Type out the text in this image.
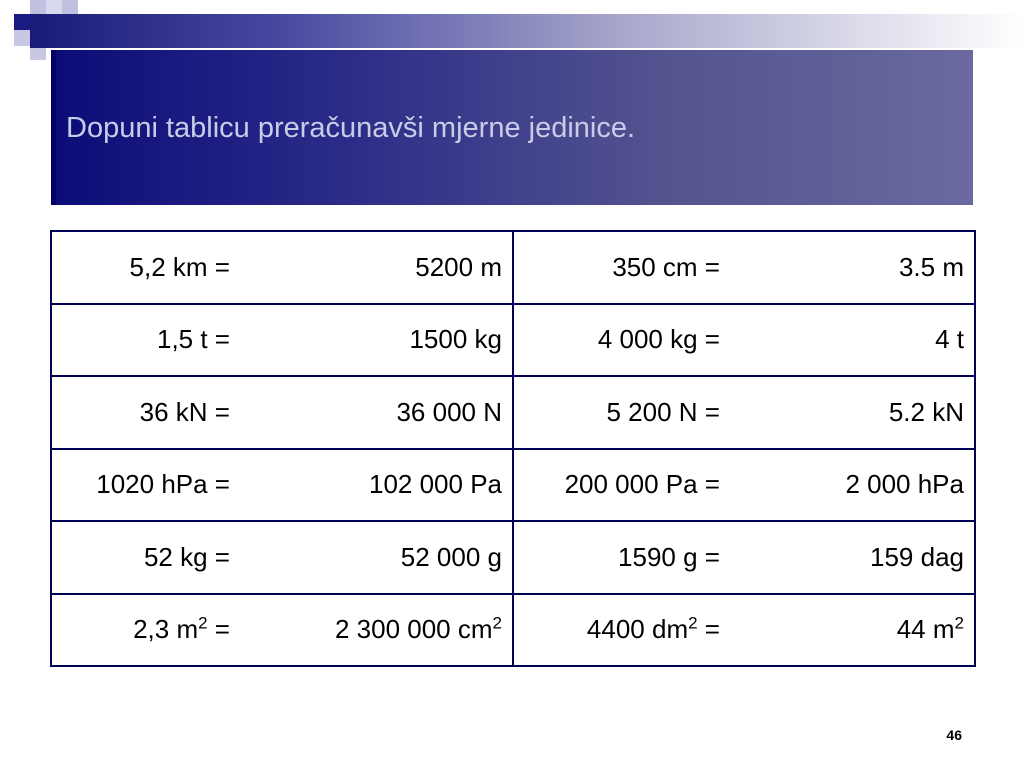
Dopuni tablicu preračunavši mjerne jedinice.
5,2 km =	5200 m	350 cm =	3.5 m
1,5 t =	1500 kg	4 000 kg =	4 t
36 kN =	36 000 N	5 200 N =	5.2 kN
1020 hPa =	102 000 Pa	200 000 Pa =	2 000 hPa
52 kg =	52 000 g	1590 g =	159 dag
2,3 $m^2$ =	2 300 000 $cm^2$	4400 $dm^2$ =	44 $m^2$
46
